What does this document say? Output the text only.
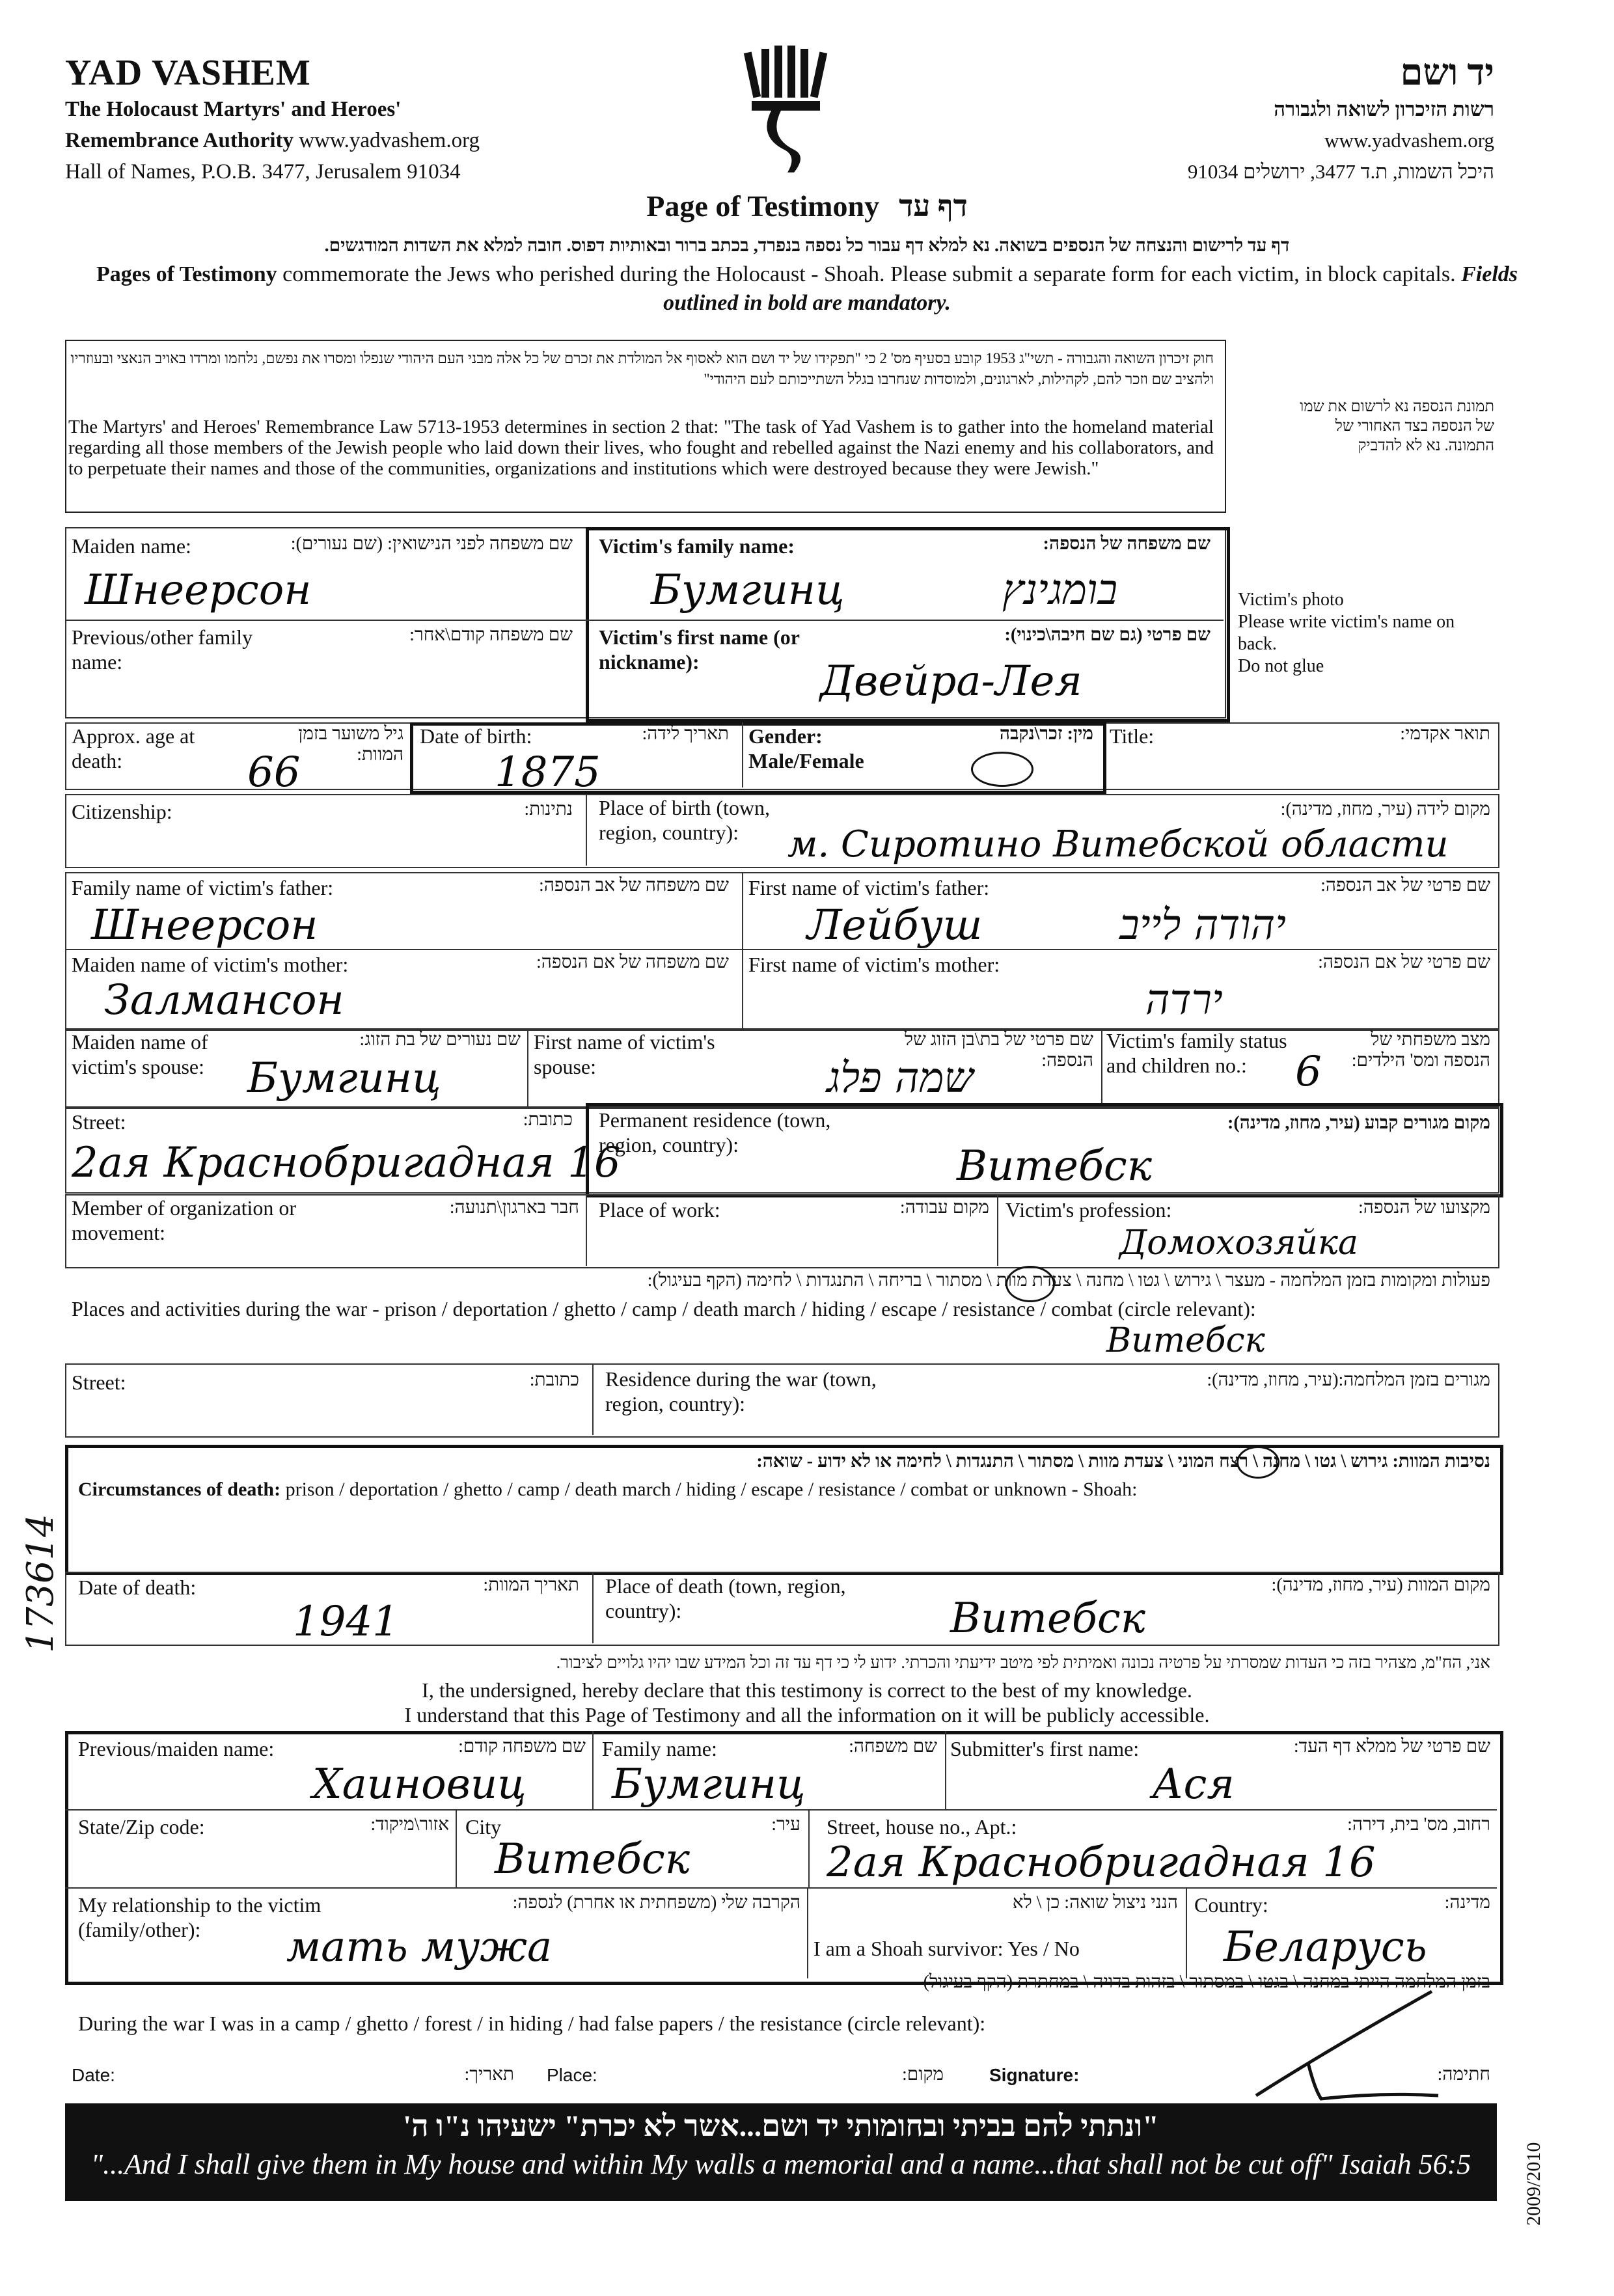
YAD VASHEM
The Holocaust Martyrs' and Heroes'
Remembrance Authority www.yadvashem.org
Hall of Names, P.O.B. 3477, Jerusalem 91034
יד ושם
רשות הזיכרון לשואה ולגבורה
www.yadvashem.org
היכל השמות, ת.ד 3477, ירושלים 91034
Page of Testimony דף עד
דף עד לרישום והנצחה של הנספים בשואה. נא למלא דף עבור כל נספה בנפרד, בכתב ברור ובאותיות דפוס. חובה למלא את השדות המודגשים.
Pages of Testimony commemorate the Jews who perished during the Holocaust - Shoah. Please submit a separate form for each victim, in block capitals. Fields outlined in bold are mandatory.
חוק זיכרון השואה והגבורה - תשי"ג 1953 קובע בסעיף מס' 2 כי "תפקידו של יד ושם הוא לאסוף אל המולדת את זכרם של כל אלה מבני העם היהודי שנפלו ומסרו את נפשם, נלחמו ומרדו באויב הנאצי ובעוזריו ולהציב שם וזכר להם, לקהילות, לארגונים, ולמוסדות שנחרבו בגלל השתייכותם לעם היהודי"
The Martyrs' and Heroes' Remembrance Law 5713-1953 determines in section 2 that: "The task of Yad Vashem is to gather into the homeland material regarding all those members of the Jewish people who laid down their lives, who fought and rebelled against the Nazi enemy and his collaborators, and to perpetuate their names and those of the communities, organizations and institutions which were destroyed because they were Jewish."
תמונת הנספה נא לרשום את שמו של הנספה בצד האחורי של התמונה. נא לא להדביק
Victim's photo
Please write victim's name on back.
Do not glue
Maiden name:	שם משפחה לפני הנישואין: (שם נעורים):
Шнеерсон
Victim's family name:	שם משפחה של הנספה:
Бумгинц	בומגינץ
Previous/other family name:
שם משפחה קודם\אחר: Victim's first name (or nickname):
שם פרטי (גם שם חיבה\כינוי):
Двейра-Лея
Approx. age at death:
גיל משוער בזמן המוות:
66
Date of birth:	תאריך לידה:
1875
Gender: Male/Female
מין: זכר\נקבה Title:	תואר אקדמי:
Citizenship:	נתינות: Place of birth (town, region, country):
מקום לידה (עיר, מחוז, מדינה):
м. Сиротино Витебской области
Family name of victim's father:	שם משפחה של אב הנספה:
Шнеерсон
First name of victim's father:	שם פרטי של אב הנספה:
Лейбуш	יהודה לייב
Maiden name of victim's mother:	שם משפחה של אם הנספה:
Залмансон
First name of victim's mother:	שם פרטי של אם הנספה:
ירדה
Maiden name of victim's spouse:
שם נעורים של בת הזוג:
Бумгинц
First name of victim's spouse:
שם פרטי של בת\בן הזוג של הנספה:
שמה פלג
Victim's family status and children no.:
מצב משפחתי של הנספה ומס' הילדים:
6
Street:	כתובת:
2ая Краснобригадная 16
Permanent residence (town, region, country):
מקום מגורים קבוע (עיר, מחוז, מדינה):
Витебск
Member of organization or movement:
חבר בארגון\תנועה: Place of work:	מקום עבודה: Victim's profession:	מקצועו של הנספה:
Домохозяйка
פעולות ומקומות בזמן המלחמה - מעצר \ גירוש \ גטו \ מחנה \ צעדת מוות \ מסתור \ בריחה \ התנגדות \ לחימה (הקף בעיגול):
Places and activities during the war - prison / deportation / ghetto / camp / death march / hiding / escape / resistance / combat (circle relevant):
Витебск
Street:	כתובת: Residence during the war (town, region, country):
מגורים בזמן המלחמה:(עיר, מחוז, מדינה):
נסיבות המוות: גירוש \ גטו \ מחנה \ רצח המוני \ צעדת מוות \ מסתור \ התנגדות \ לחימה או לא ידוע - שואה:
Circumstances of death: prison / deportation / ghetto / camp / death march / hiding / escape / resistance / combat or unknown - Shoah:
Date of death:	תאריך המוות:
1941
Place of death (town, region, country):
מקום המוות (עיר, מחוז, מדינה):
Витебск
אני, הח"מ, מצהיר בזה כי העדות שמסרתי על פרטיה נכונה ואמיתית לפי מיטב ידיעתי והכרתי. ידוע לי כי דף עד זה וכל המידע שבו יהיו גלויים לציבור.
I, the undersigned, hereby declare that this testimony is correct to the best of my knowledge.
I understand that this Page of Testimony and all the information on it will be publicly accessible.
Previous/maiden name:	שם משפחה קודם:
Хаиновиц
Family name:	שם משפחה:
Бумгинц
Submitter's first name:	שם פרטי של ממלא דף העד:
Ася
State/Zip code:	אזור\מיקוד: City	עיר:
Витебск
Street, house no., Apt.:	רחוב, מס' בית, דירה:
2ая Краснобригадная 16
My relationship to the victim (family/other):
הקרבה שלי (משפחתית או אחרת) לנספה:
мать мужа
הנני ניצול שואה: כן \ לא
I am a Shoah survivor: Yes / No
Country:	מדינה:
Беларусь
בזמן המלחמה הייתי במחנה \ בגטו \ במסתור \ בזהות בדויה \ במחתרת (הקף בעיגול)
During the war I was in a camp / ghetto / forest / in hiding / had false papers / the resistance (circle relevant):
Date:	תאריך: Place:	מקום:	Signature:	חתימה:
"ונתתי להם בביתי ובחומותי יד ושם...אשר לא יכרת" ישעיהו נ"ו ה'
"...And I shall give them in My house and within My walls a memorial and a name...that shall not be cut off" Isaiah 56:5
173614
2009/2010
